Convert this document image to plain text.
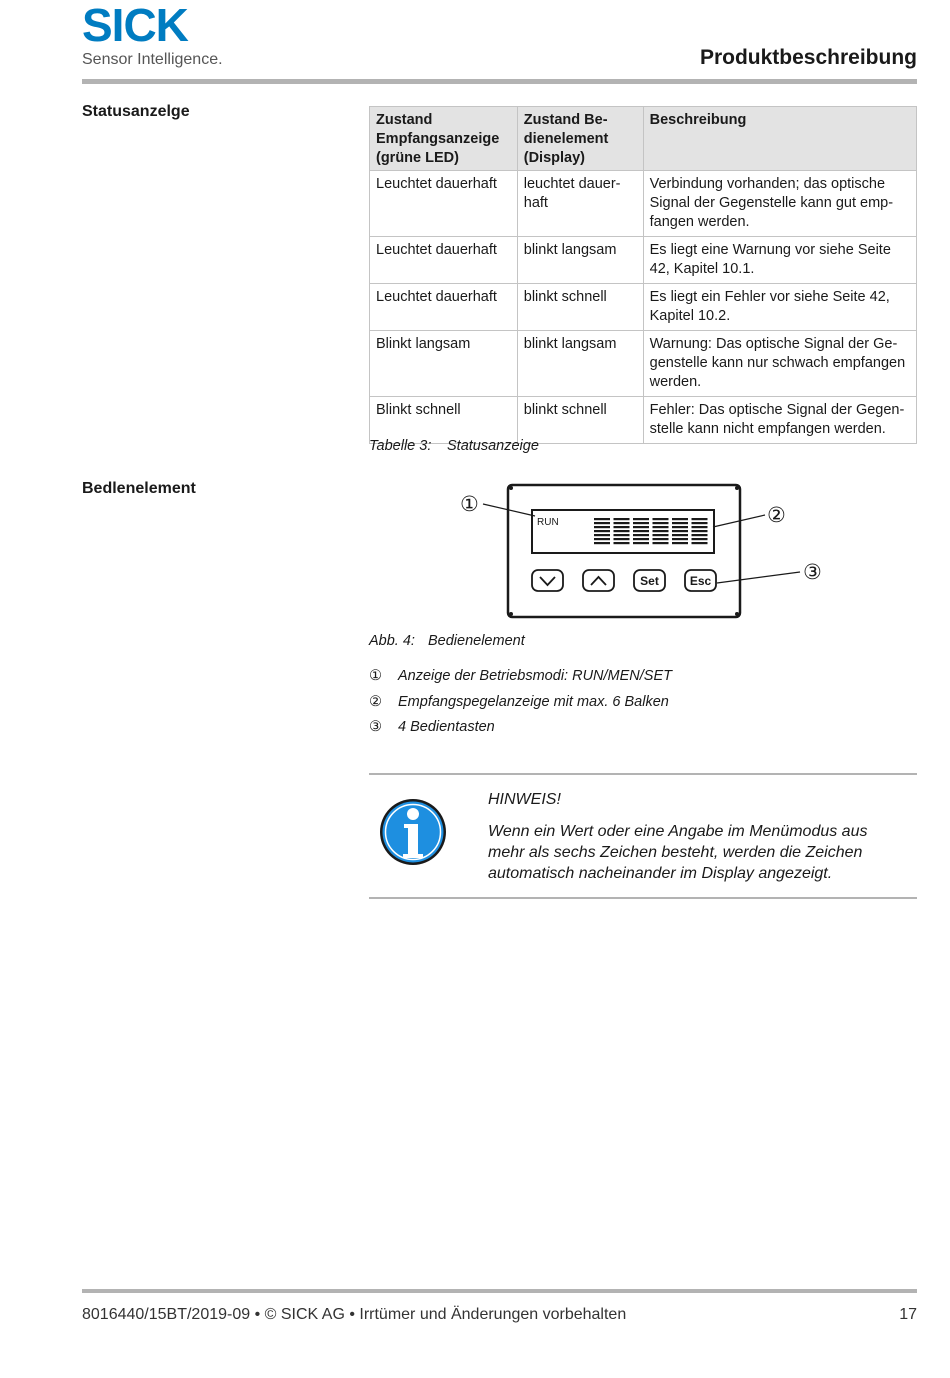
SICK
Sensor Intelligence.	Produktbeschreibung
Statusanzelge	Zustand Empfangsanzeige (grüne LED)	Zustand Bedienelement (Display)	Beschreibung
Leuchtet dauerhaft	leuchtet dauerhaft	Verbindung vorhanden; das optische Signal der Gegenstelle kann gut empfangen werden.
Leuchtet dauerhaft	blinkt langsam	Es liegt eine Warnung vor siehe Seite 42, Kapitel 10.1.
Leuchtet dauerhaft	blinkt schnell	Es liegt ein Fehler vor siehe Seite 42, Kapitel 10.2.
Blinkt langsam	blinkt langsam	Warnung: Das optische Signal der Gegenstelle kann nur schwach empfangen werden.
Blinkt schnell	blinkt schnell	Fehler: Das optische Signal der Gegenstelle kann nicht empfangen werden.
Tabelle 3: Statusanzeige
Bedlenelement
RUN
①	②
③
Set	Esc
Abb. 4: Bedienelement
①	Anzeige der Betriebsmodi: RUN/MEN/SET
②	Empfangspegelanzeige mit max. 6 Balken
③	4 Bedientasten
HINWEIS!
Wenn ein Wert oder eine Angabe im Menümodus aus mehr als sechs Zeichen besteht, werden die Zeichen automatisch nacheinander im Display angezeigt.
8016440/15BT/2019-09 • © SICK AG • Irrtümer und Änderungen vorbehalten	17
